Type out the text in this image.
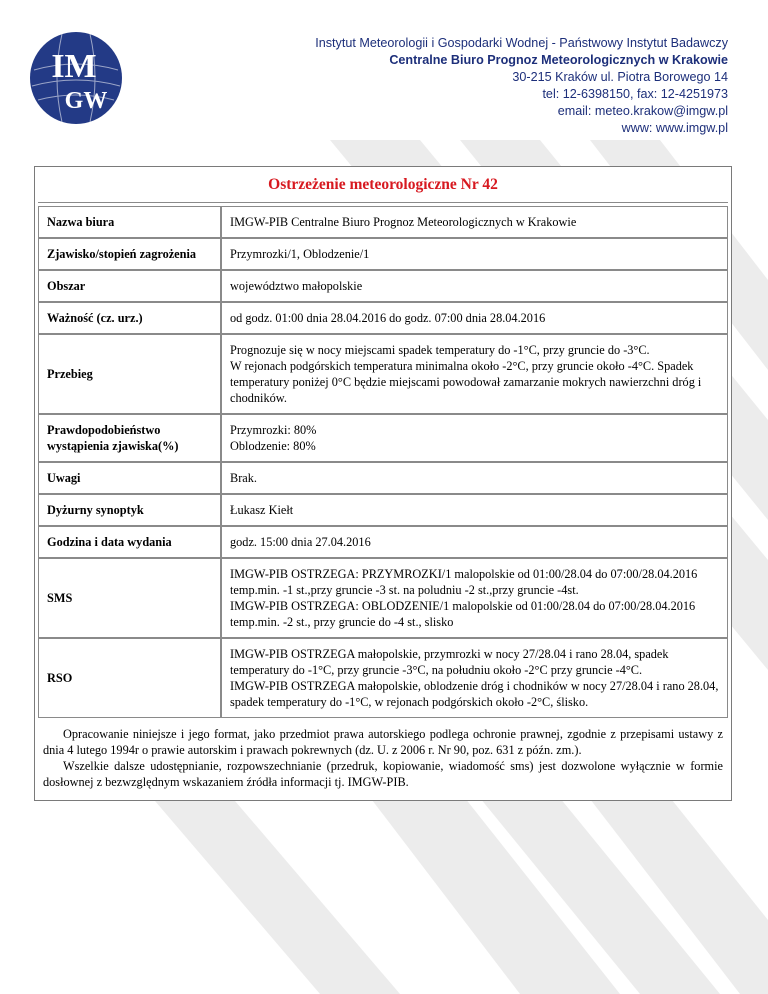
IM
GW
Instytut Meteorologii i Gospodarki Wodnej - Państwowy Instytut Badawczy
Centralne Biuro Prognoz Meteorologicznych w Krakowie
30-215 Kraków ul. Piotra Borowego 14
tel: 12-6398150, fax: 12-4251973
email: meteo.krakow@imgw.pl
www: www.imgw.pl
Ostrzeżenie meteorologiczne Nr 42
Nazwa biura	IMGW-PIB Centralne Biuro Prognoz Meteorologicznych w Krakowie

Zjawisko/stopień zagrożenia	Przymrozki/1, Oblodzenie/1

Obszar	województwo małopolskie

Ważność (cz. urz.)	od godz. 01:00 dnia 28.04.2016 do godz. 07:00 dnia 28.04.2016

Przebieg	Prognozuje się w nocy miejscami spadek temperatury do -1°C, przy gruncie do -3°C.
W rejonach podgórskich temperatura minimalna około -2°C, przy gruncie około -4°C. Spadek temperatury poniżej 0°C będzie miejscami powodował zamarzanie mokrych nawierzchni dróg i chodników.

Prawdopodobieństwo wystąpienia zjawiska(%)	Przymrozki: 80%
Oblodzenie: 80%

Uwagi	Brak.

Dyżurny synoptyk	Łukasz Kiełt

Godzina i data wydania	godz. 15:00 dnia 27.04.2016

SMS	IMGW-PIB OSTRZEGA: PRZYMROZKI/1 malopolskie od 01:00/28.04 do 07:00/28.04.2016 temp.min. -1 st.,przy gruncie -3 st. na poludniu -2 st.,przy gruncie -4st.
IMGW-PIB OSTRZEGA: OBLODZENIE/1 malopolskie od 01:00/28.04 do 07:00/28.04.2016 temp.min. -2 st., przy gruncie do -4 st., slisko

RSO	IMGW-PIB OSTRZEGA małopolskie, przymrozki w nocy 27/28.04 i rano 28.04, spadek temperatury do -1°C, przy gruncie -3°C, na południu około -2°C przy gruncie -4°C.
IMGW-PIB OSTRZEGA małopolskie, oblodzenie dróg i chodników w nocy 27/28.04 i rano 28.04, spadek temperatury do -1°C, w rejonach podgórskich około -2°C, ślisko.

Opracowanie niniejsze i jego format, jako przedmiot prawa autorskiego podlega ochronie prawnej, zgodnie z przepisami ustawy z dnia 4 lutego 1994r o prawie autorskim i prawach pokrewnych (dz. U. z 2006 r. Nr 90, poz. 631 z późn. zm.).

Wszelkie dalsze udostępnianie, rozpowszechnianie (przedruk, kopiowanie, wiadomość sms) jest dozwolone wyłącznie w formie dosłownej z bezwzględnym wskazaniem źródła informacji tj. IMGW-PIB.
